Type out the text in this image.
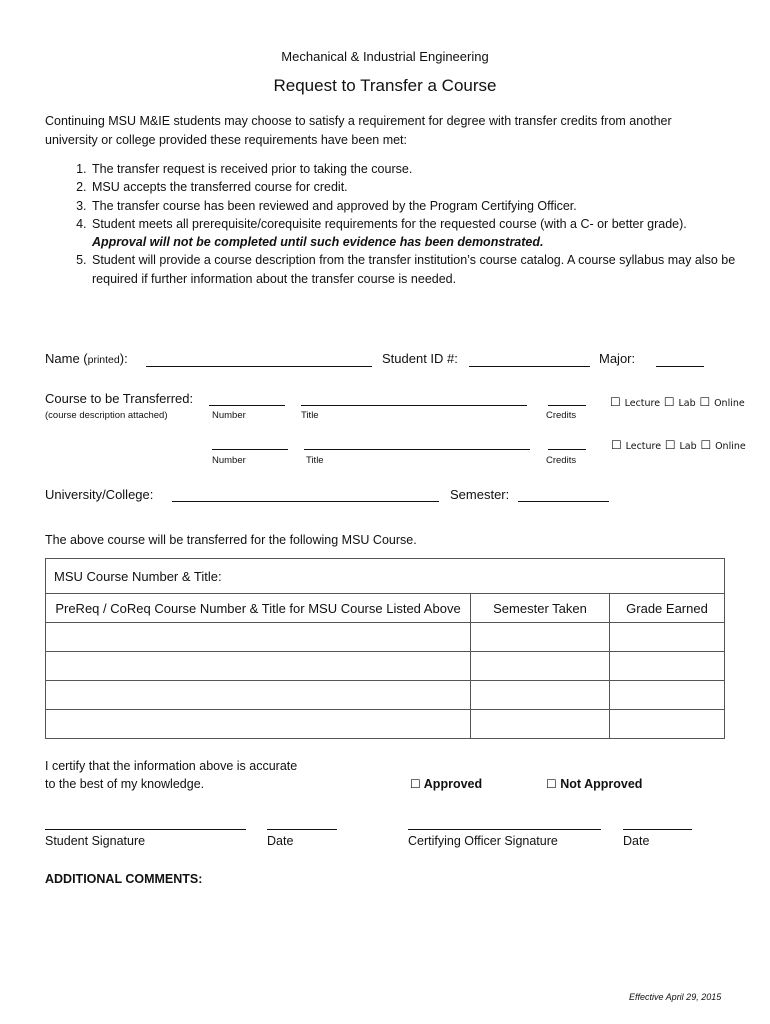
Mechanical & Industrial Engineering
Request to Transfer a Course
Continuing MSU M&IE students may choose to satisfy a requirement for degree with transfer credits from another
university or college provided these requirements have been met:
1. The transfer request is received prior to taking the course.
2. MSU accepts the transferred course for credit.
3. The transfer course has been reviewed and approved by the Program Certifying Officer.
4. Student meets all prerequisite/corequisite requirements for the requested course (with a C- or better grade).
Approval will not be completed until such evidence has been demonstrated.
5. Student will provide a course description from the transfer institution’s course catalog. A course syllabus may also be required if further information about the transfer course is needed.
Name (printed):	Student ID #:	Major:
Course to be Transferred:	☐ Lecture ☐ Lab ☐ Online
(course description attached)	Number	Title	Credits
☐ Lecture ☐ Lab ☐ Online
Number	Title	Credits
University/College:	Semester:
The above course will be transferred for the following MSU Course.
MSU Course Number & Title:		
PreReq / CoReq Course Number & Title for MSU Course Listed Above	Semester Taken	Grade Earned

I certify that the information above is accurate
to the best of my knowledge.	☐ Approved	☐ Not Approved
Student Signature	Date	Certifying Officer Signature	Date
ADDITIONAL COMMENTS:
Effective April 29, 2015
